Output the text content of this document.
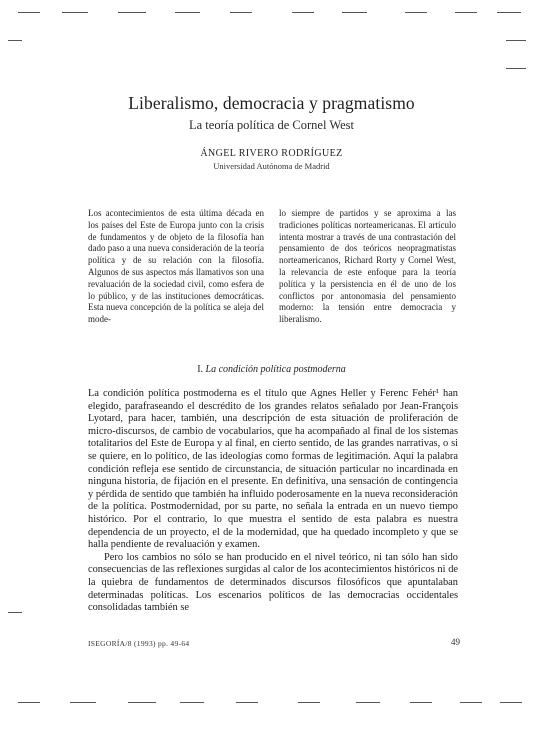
Liberalismo, democracia y pragmatismo
La teoría política de Cornel West
ÁNGEL RIVERO RODRÍGUEZ
Universidad Autónoma de Madrid
Los acontecimientos de esta última década en los países del Este de Europa junto con la crisis de fundamentos y de objeto de la filosofía han dado paso a una nueva consideración de la teoría política y de su relación con la filosofía. Algunos de sus aspectos más llamativos son una revaluación de la sociedad civil, como esfera de lo público, y de las instituciones democráticas. Esta nueva concepción de la política se aleja del mode-
lo siempre de partidos y se aproxima a las tradiciones políticas norteamericanas. El artículo intenta mostrar a través de una contrastación del pensamiento de dos teóricos neopragmatistas norteamericanos, Richard Rorty y Cornel West, la relevancia de este enfoque para la teoría política y la persistencia en él de uno de los conflictos por antonomasia del pensamiento moderno: la tensión entre democracia y liberalismo.
I. La condición política postmoderna

La condición política postmoderna es el título que Agnes Heller y Ferenc Fehér¹ han elegido, parafraseando el descrédito de los grandes relatos señalado por Jean-François Lyotard, para hacer, también, una descripción de esta situación de proliferación de micro-discursos, de cambio de vocabularios, que ha acompañado al final de los sistemas totalitarios del Este de Europa y al final, en cierto sentido, de las grandes narrativas, o si se quiere, en lo político, de las ideologías como formas de legitimación. Aquí la palabra condición refleja ese sentido de circunstancia, de situación particular no incardinada en ninguna historia, de fijación en el presente. En definitiva, una sensación de contingencia y pérdida de sentido que también ha influido poderosamente en la nueva reconsideración de la política. Postmodernidad, por su parte, no señala la entrada en un nuevo tiempo histórico. Por el contrario, lo que muestra el sentido de esta palabra es nuestra dependencia de un proyecto, el de la modernidad, que ha quedado incompleto y que se halla pendiente de revaluación y examen.

Pero los cambios no sólo se han producido en el nivel teórico, ni tan sólo han sido consecuencias de las reflexiones surgidas al calor de los acontecimientos históricos ni de la quiebra de fundamentos de determinados discursos filosóficos que apuntalaban determinadas políticas. Los escenarios políticos de las democracias occidentales consolidadas también se

ISEGORÍA/8 (1993) pp. 49-64	49
